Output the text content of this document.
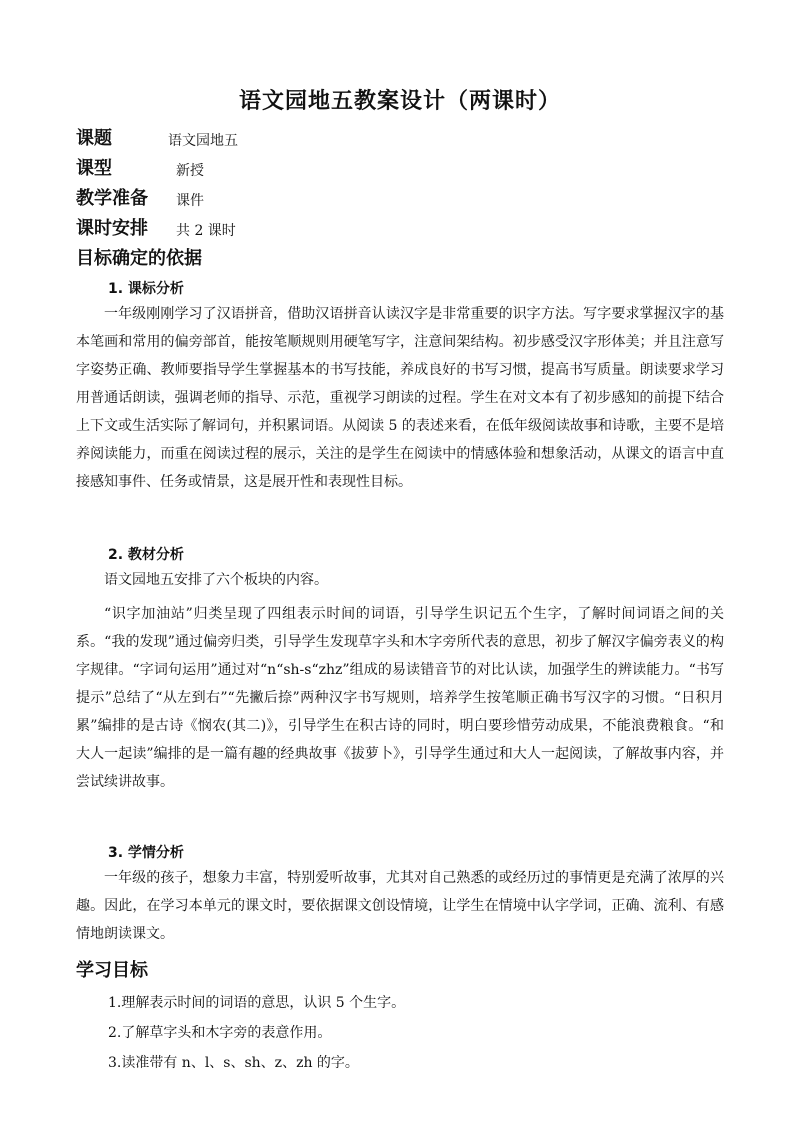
语文园地五教案设计（两课时）
课题	语文园地五
课型	新授
教学准备 课件
课时安排 共 2 课时
目标确定的依据
1. 课标分析

一年级刚刚学习了汉语拼音，借助汉语拼音认读汉字是非常重要的识字方法。写字要求掌握汉字的基本笔画和常用的偏旁部首，能按笔顺规则用硬笔写字，注意间架结构。初步感受汉字形体美；并且注意写字姿势正确、教师要指导学生掌握基本的书写技能，养成良好的书写习惯，提高书写质量。朗读要求学习用普通话朗读，强调老师的指导、示范，重视学习朗读的过程。学生在对文本有了初步感知的前提下结合上下文或生活实际了解词句，并积累词语。从阅读 5 的表述来看，在低年级阅读故事和诗歌，主要不是培养阅读能力，而重在阅读过程的展示，关注的是学生在阅读中的情感体验和想象活动，从课文的语言中直接感知事件、任务或情景，这是展开性和表现性目标。

2. 教材分析

语文园地五安排了六个板块的内容。

“识字加油站”归类呈现了四组表示时间的词语，引导学生识记五个生字，了解时间词语之间的关系。“我的发现”通过偏旁归类，引导学生发现草字头和木字旁所代表的意思，初步了解汉字偏旁表义的构字规律。“字词句运用”通过对“n“sh-s“zhz”组成的易读错音节的对比认读，加强学生的辨读能力。“书写提示”总结了“从左到右”“先撇后捺”两种汉字书写规则，培养学生按笔顺正确书写汉字的习惯。“日积月累”编排的是古诗《悯农(其二)》，引导学生在积古诗的同时，明白要珍惜劳动成果，不能浪费粮食。“和大人一起读”编排的是一篇有趣的经典故事《拔萝卜》，引导学生通过和大人一起阅读，了解故事内容，并尝试续讲故事。

3. 学情分析

一年级的孩子，想象力丰富，特别爱听故事，尤其对自己熟悉的或经历过的事情更是充满了浓厚的兴趣。因此，在学习本单元的课文时，要依据课文创设情境，让学生在情境中认字学词，正确、流利、有感情地朗读课文。

学习目标
1.理解表示时间的词语的意思，认识 5 个生字。
2.了解草字头和木字旁的表意作用。
3.读准带有 n、l、s、sh、z、zh 的字。
